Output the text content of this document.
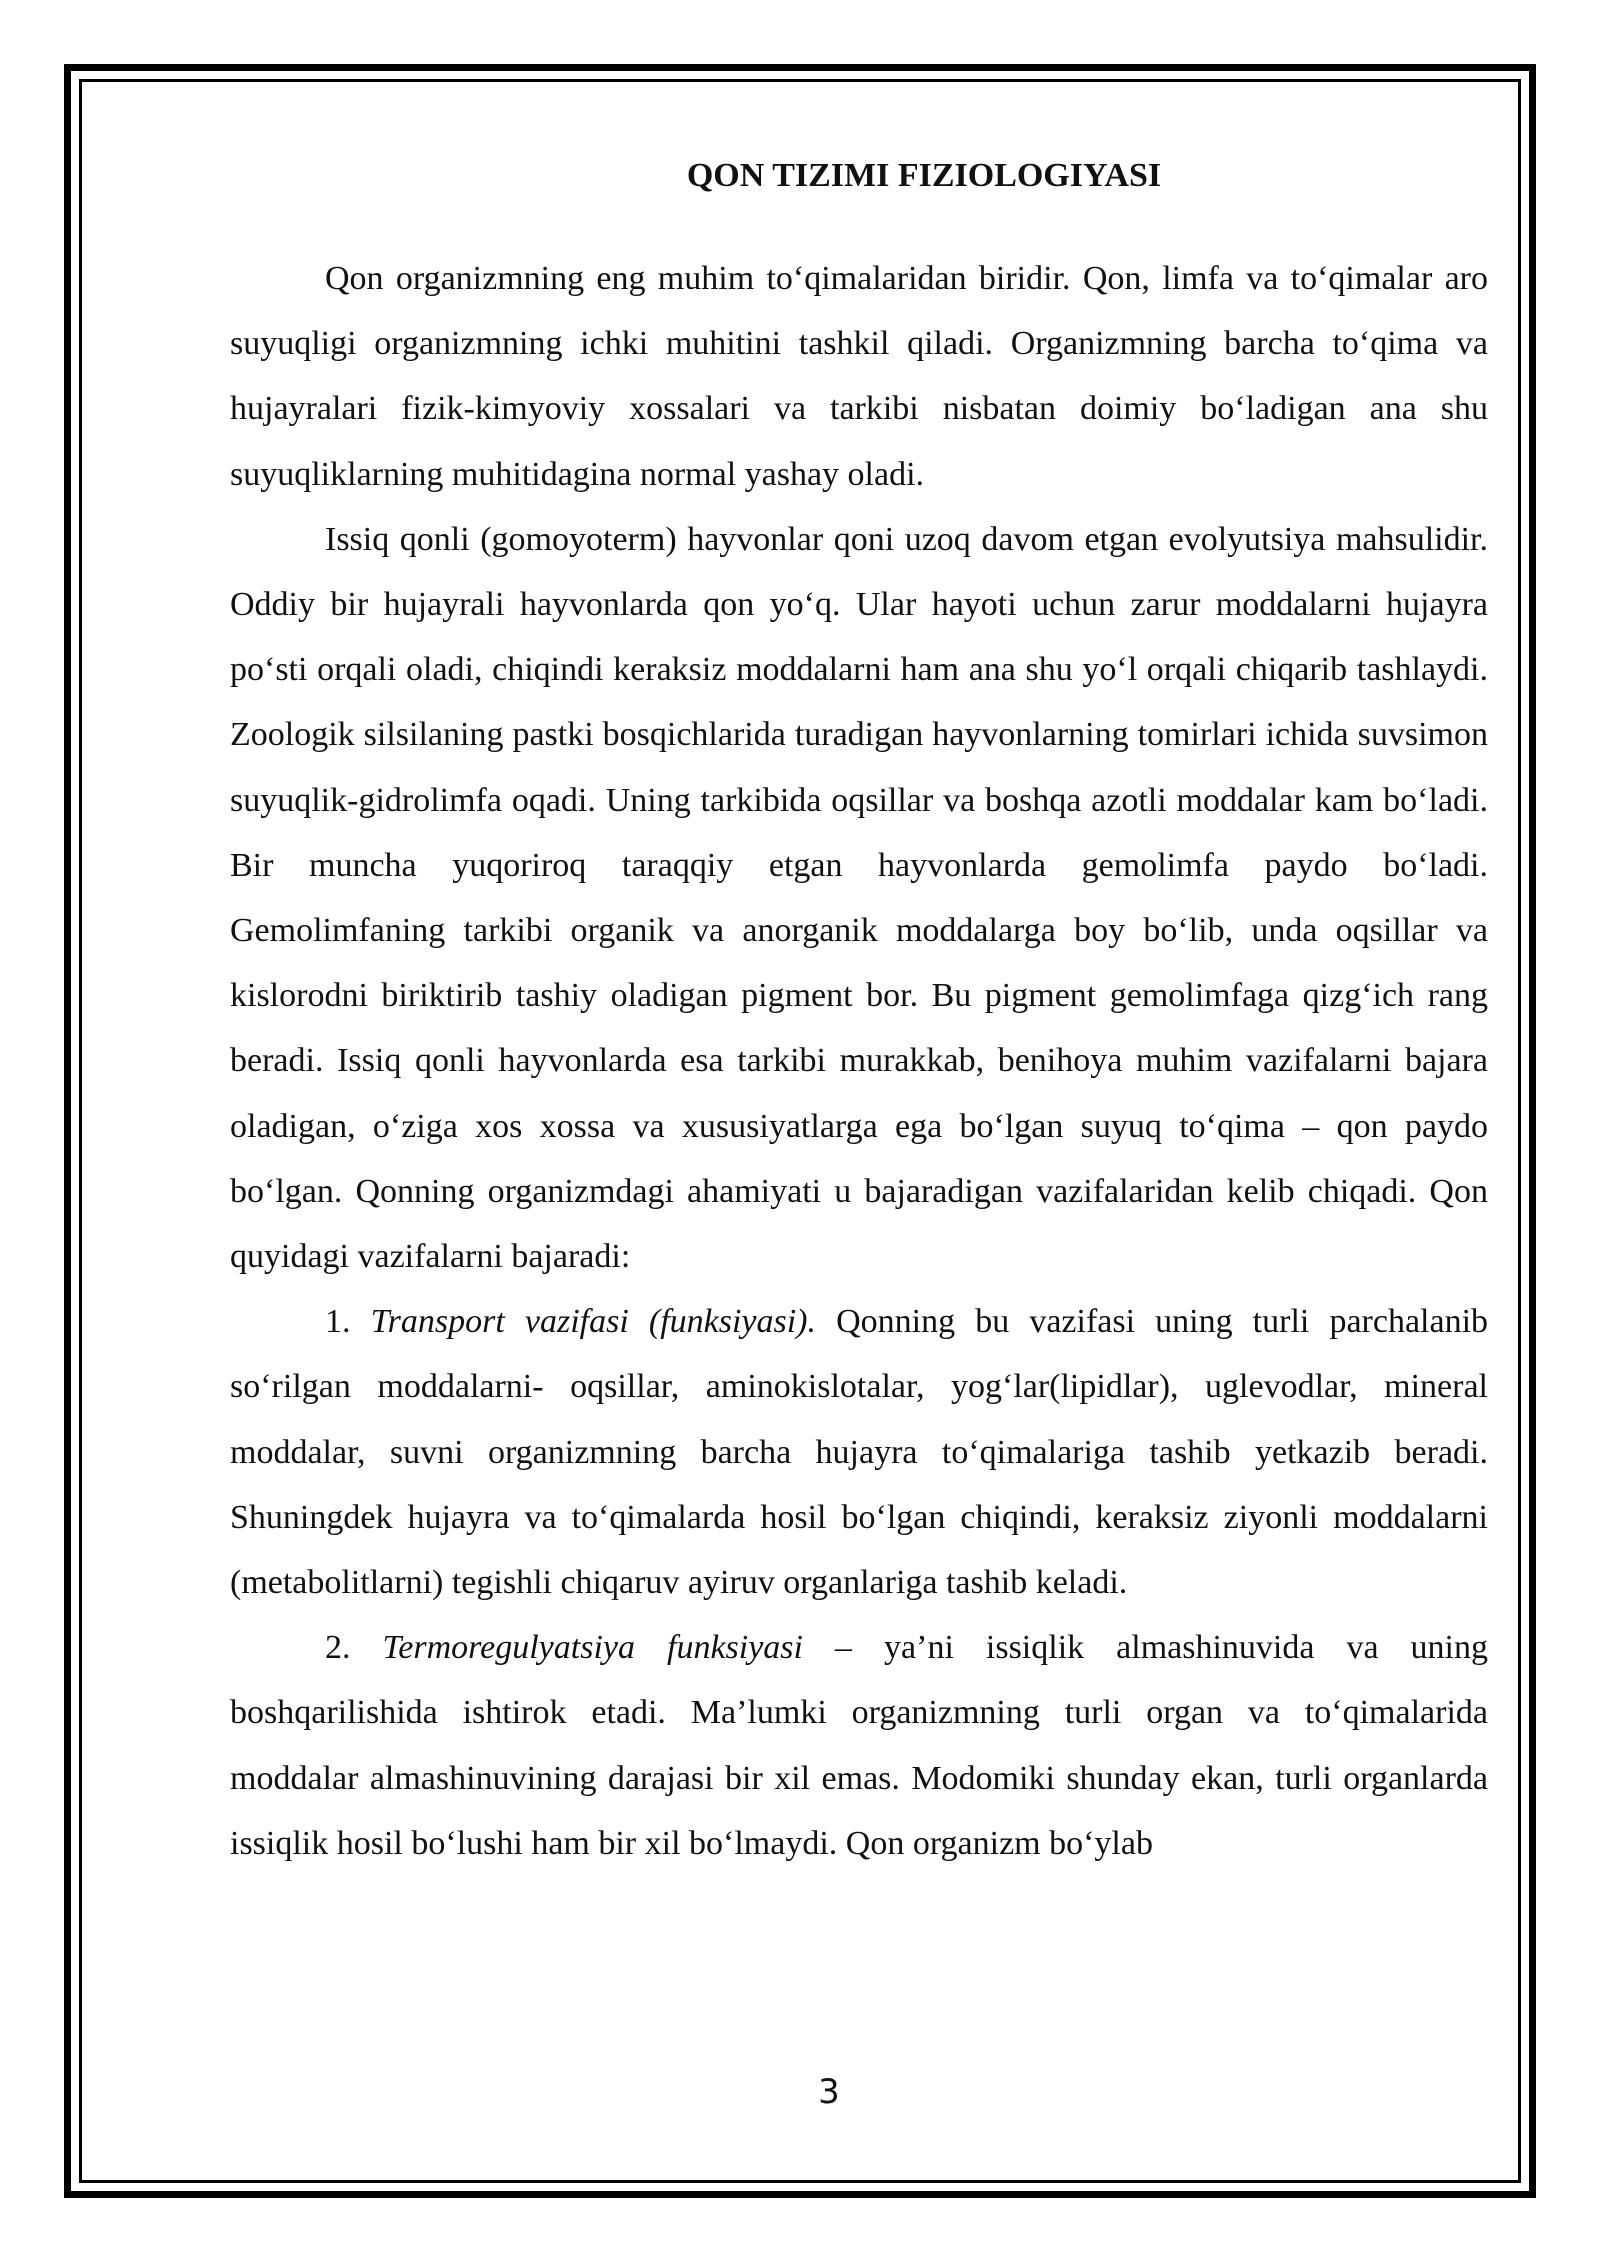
QON TIZIMI FIZIOLOGIYASI

Qon organizmning eng muhim to‘qimalaridan biridir. Qon, limfa va to‘qimalar aro suyuqligi organizmning ichki muhitini tashkil qiladi. Organizmning barcha to‘qima va hujayralari fizik-kimyoviy xossalari va tarkibi nisbatan doimiy bo‘ladigan ana shu suyuqliklarning muhitidagina normal yashay oladi.

Issiq qonli (gomoyoterm) hayvonlar qoni uzoq davom etgan evolyutsiya mahsulidir. Oddiy bir hujayrali hayvonlarda qon yo‘q. Ular hayoti uchun zarur moddalarni hujayra po‘sti orqali oladi, chiqindi keraksiz moddalarni ham ana shu yo‘l orqali chiqarib tashlaydi. Zoologik silsilaning pastki bosqichlarida turadigan hayvonlarning tomirlari ichida suvsimon suyuqlik-gidrolimfa oqadi. Uning tarkibida oqsillar va boshqa azotli moddalar kam bo‘ladi. Bir muncha yuqoriroq taraqqiy etgan hayvonlarda gemolimfa paydo bo‘ladi. Gemolimfaning tarkibi organik va anorganik moddalarga boy bo‘lib, unda oqsillar va kislorodni biriktirib tashiy oladigan pigment bor. Bu pigment gemolimfaga qizg‘ich rang beradi. Issiq qonli hayvonlarda esa tarkibi murakkab, benihoya muhim vazifalarni bajara oladigan, o‘ziga xos xossa va xususiyatlarga ega bo‘lgan suyuq to‘qima – qon paydo bo‘lgan. Qonning organizmdagi ahamiyati u bajaradigan vazifalaridan kelib chiqadi. Qon quyidagi vazifalarni bajaradi:

1. Transport vazifasi (funksiyasi). Qonning bu vazifasi uning turli parchalanib so‘rilgan moddalarni- oqsillar, aminokislotalar, yog‘lar(lipidlar), uglevodlar, mineral moddalar, suvni organizmning barcha hujayra to‘qimalariga tashib yetkazib beradi. Shuningdek hujayra va to‘qimalarda hosil bo‘lgan chiqindi, keraksiz ziyonli moddalarni (metabolitlarni) tegishli chiqaruv ayiruv organlariga tashib keladi.

2. Termoregulyatsiya funksiyasi – ya’ni issiqlik almashinuvida va uning boshqarilishida ishtirok etadi. Ma’lumki organizmning turli organ va to‘qimalarida moddalar almashinuvining darajasi bir xil emas. Modomiki shunday ekan, turli organlarda issiqlik hosil bo‘lushi ham bir xil bo‘lmaydi. Qon organizm bo‘ylab

3
